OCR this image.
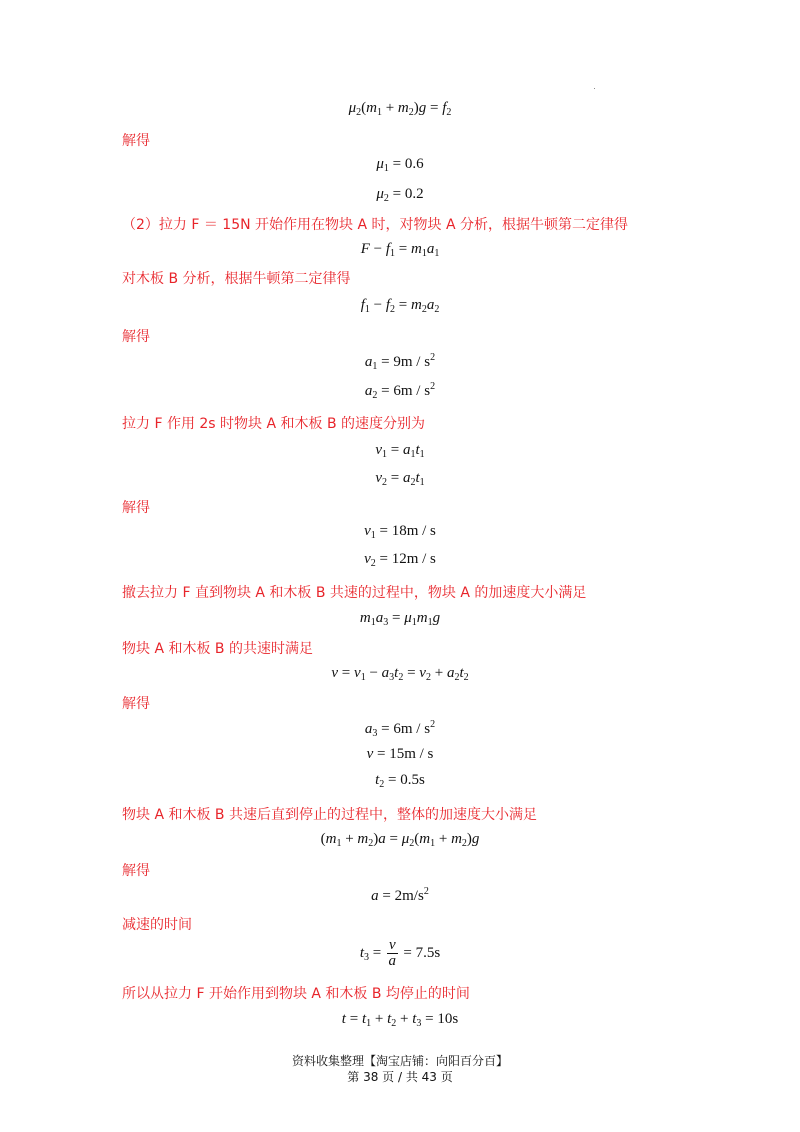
$\mu_2(m_1 + m_2)g = f_2$
解得
$\mu_1 = 0.6$
$\mu_2 = 0.2$
（2）拉力 F ＝ 15N 开始作用在物块 A 时，对物块 A 分析，根据牛顿第二定律得
$F - f_1 = m_1a_1$
对木板 B 分析，根据牛顿第二定律得
$f_1 - f_2 = m_2a_2$
解得
$a_1 = 9m / s^2$
$a_2 = 6m / s^2$
拉力 F 作用 2s 时物块 A 和木板 B 的速度分别为
$v_1 = a_1t_1$
$v_2 = a_2t_1$
解得
$v_1 = 18m / s$
$v_2 = 12m / s$
撤去拉力 F 直到物块 A 和木板 B 共速的过程中，物块 A 的加速度大小满足
$m_1a_3 = \mu_1m_1g$
物块 A 和木板 B 的共速时满足
$v = v_1 - a_3t_2 = v_2 + a_2t_2$
解得
$a_3 = 6m / s^2$
v = 15m / s
$t_2 = 0.5s$
物块 A 和木板 B 共速后直到停止的过程中，整体的加速度大小满足
$(m_1 + m_2)a = \mu_2(m_1 + m_2)g$
解得
$a = 2m/s^2$
减速的时间
$t_3 = \frac{v}{a} = 7.5s$
所以从拉力 F 开始作用到物块 A 和木板 B 均停止的时间
$t = t_1 + t_2 + t_3 = 10s$
资料收集整理【淘宝店铺：向阳百分百】
第 38 页 / 共 43 页
